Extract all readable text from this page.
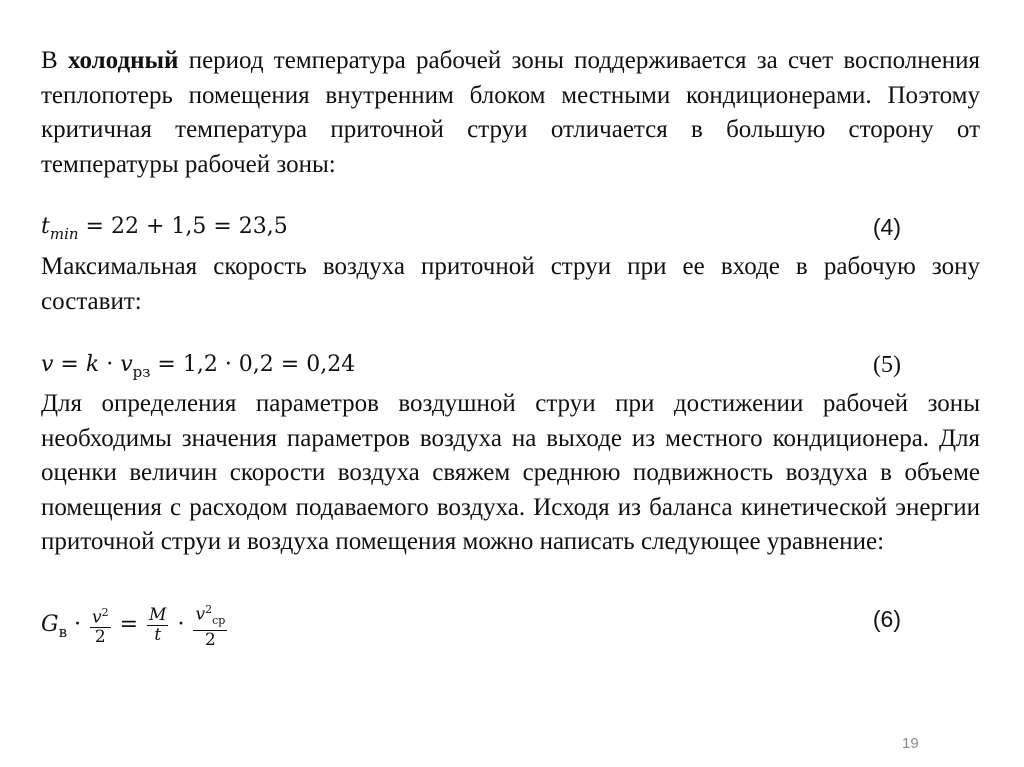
В холодный период температура рабочей зоны поддерживается за счет восполнения теплопотерь помещения внутренним блоком местными кондиционерами. Поэтому критичная температура приточной струи отличается в большую сторону от температуры рабочей зоны:
$t_{min} = 22 + 1,5 = 23,5$	(4)
Максимальная скорость воздуха приточной струи при ее входе в рабочую зону составит:
$v = k \cdot v_{рз} = 1,2 \cdot 0,2 = 0,24$	(5)
Для определения параметров воздушной струи при достижении рабочей зоны необходимы значения параметров воздуха на выходе из местного кондиционера. Для оценки величин скорости воздуха свяжем среднюю подвижность воздуха в объеме помещения с расходом подаваемого воздуха. Исходя из баланса кинетической энергии приточной струи и воздуха помещения можно написать следующее уравнение:
$G_в \cdot \frac{v^2}{2} = \frac{M}{t} \cdot \frac{v^2_{ср}}{2}$	(6)
19
